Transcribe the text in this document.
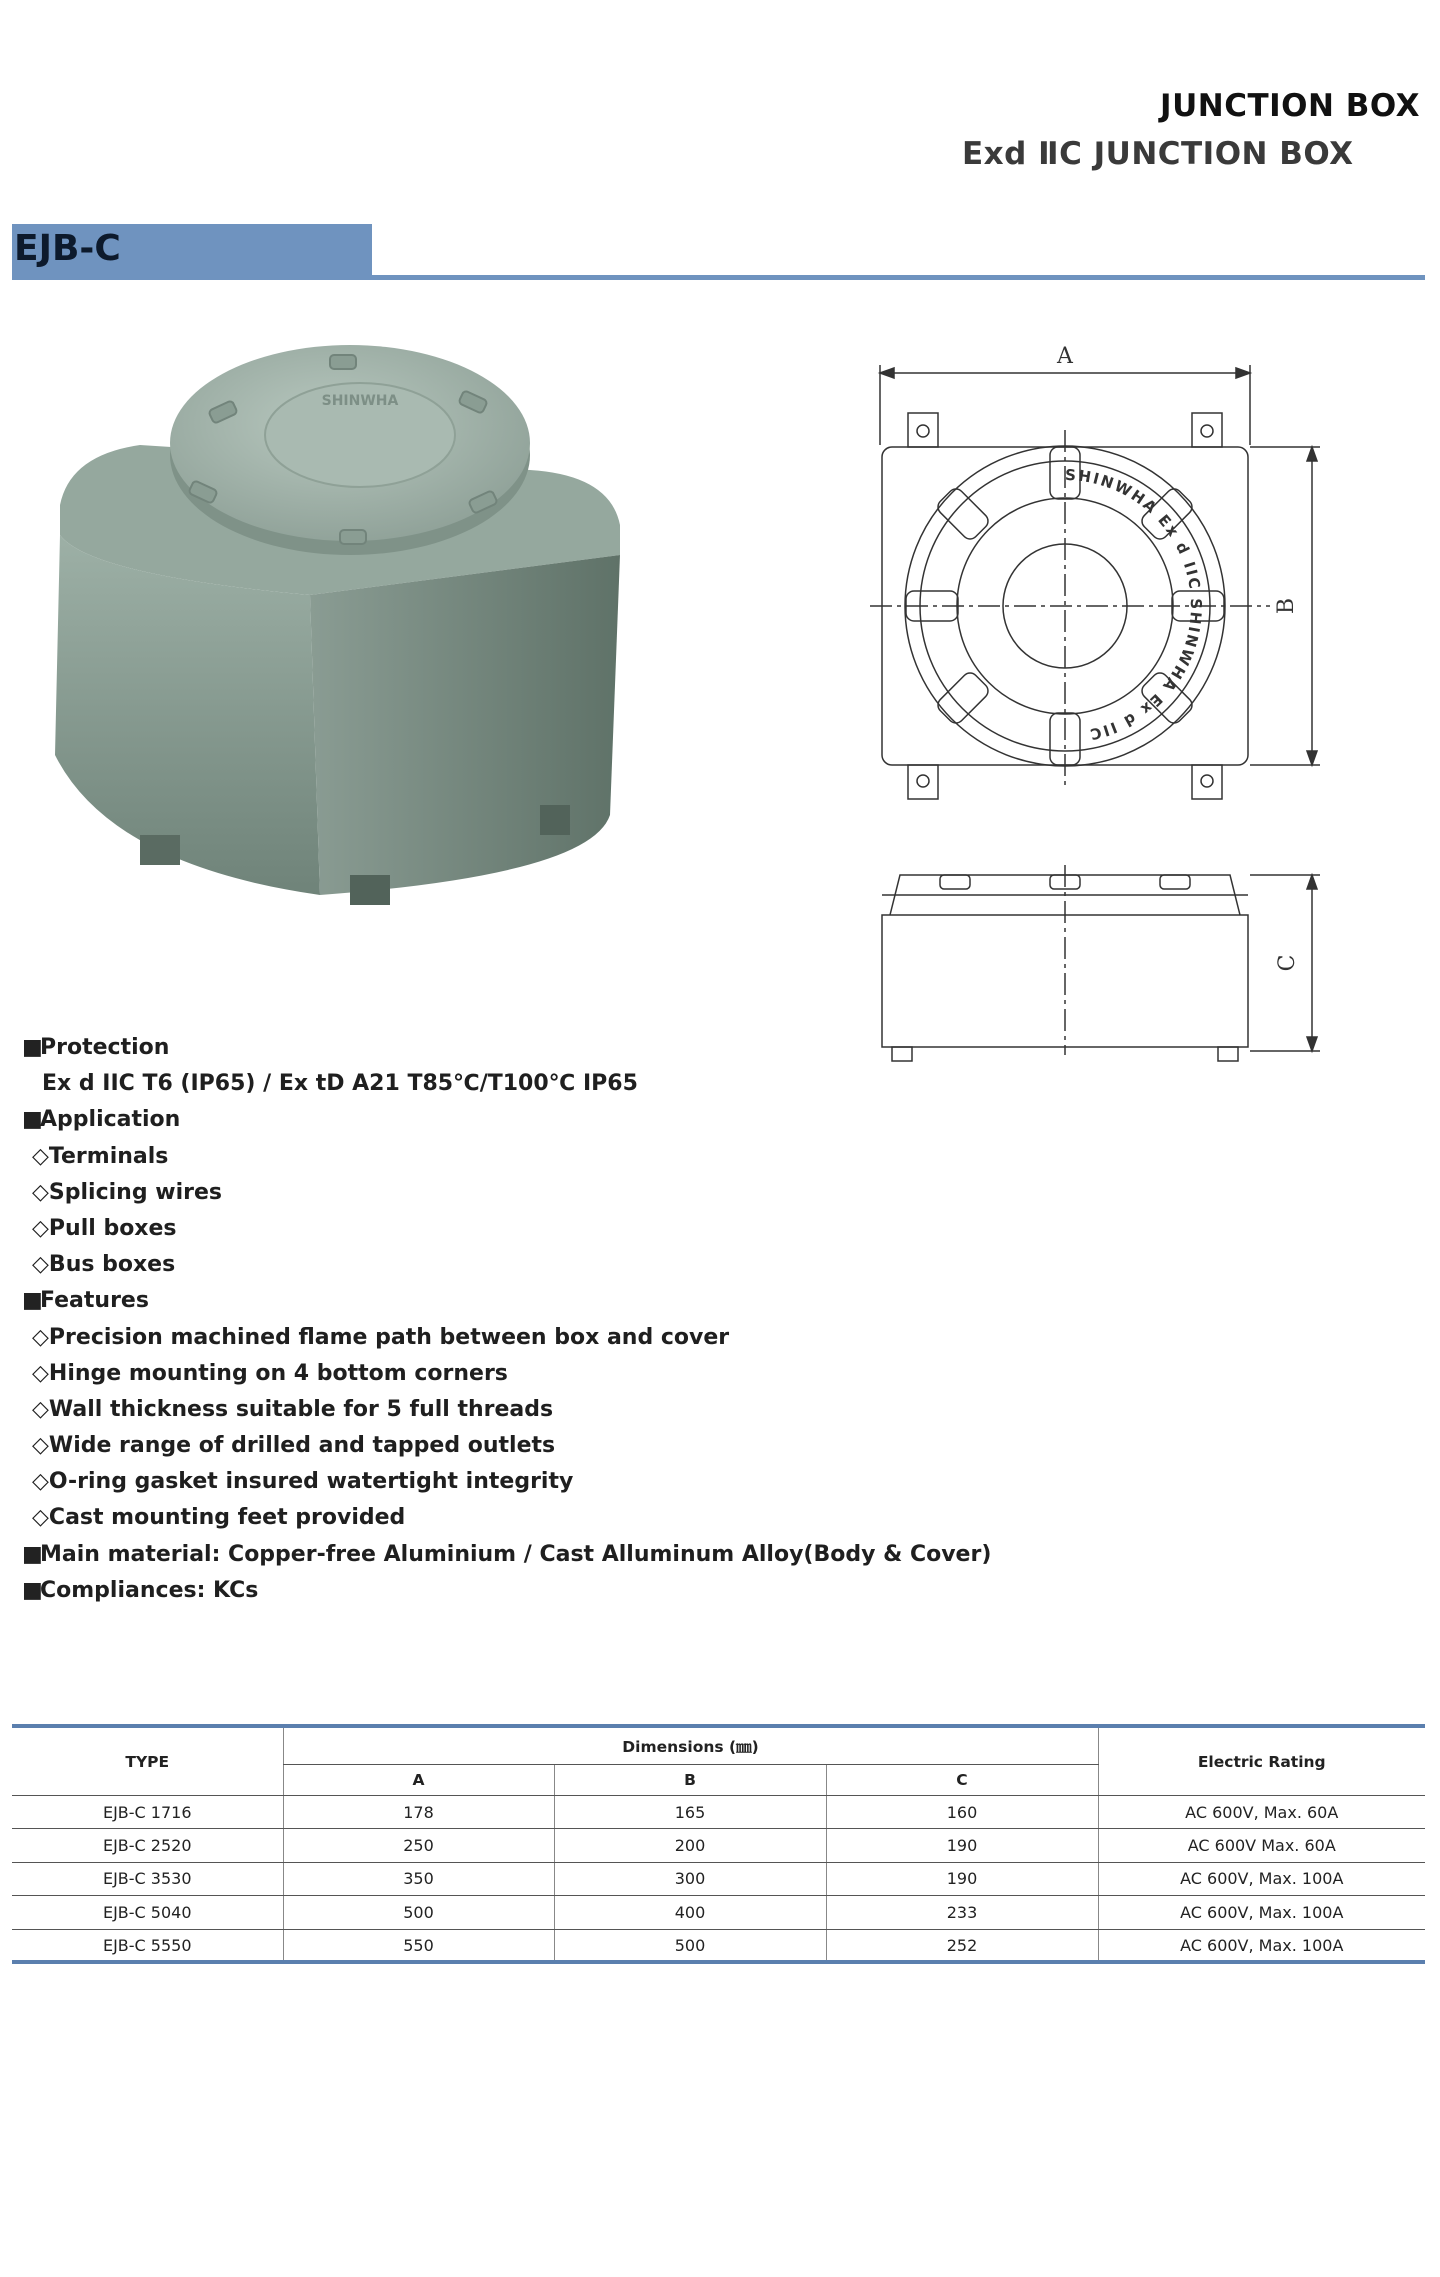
JUNCTION BOX
Exd ⅡC JUNCTION BOX
EJB-C
SHINWHA
A
B
C
SHINWHA Ex d IIC SHINWHA Ex d IIC
■Protection
Ex d IIC T6 (IP65) / Ex tD A21 T85℃/T100℃ IP65
■Application
◇Terminals
◇Splicing wires
◇Pull boxes
◇Bus boxes
■Features
◇Precision machined flame path between box and cover
◇Hinge mounting on 4 bottom corners
◇Wall thickness suitable for 5 full threads
◇Wide range of drilled and tapped outlets
◇O-ring gasket insured watertight integrity
◇Cast mounting feet provided
■Main material: Copper-free Aluminium / Cast Alluminum Alloy(Body & Cover)
■Compliances: KCs
TYPE	Dimensions (㎜)			Electric Rating
	A	B	C	
EJB-C 1716	178	165	160	AC 600V, Max. 60A
EJB-C 2520	250	200	190	AC 600V Max. 60A
EJB-C 3530	350	300	190	AC 600V, Max. 100A
EJB-C 5040	500	400	233	AC 600V, Max. 100A
EJB-C 5550	550	500	252	AC 600V, Max. 100A
